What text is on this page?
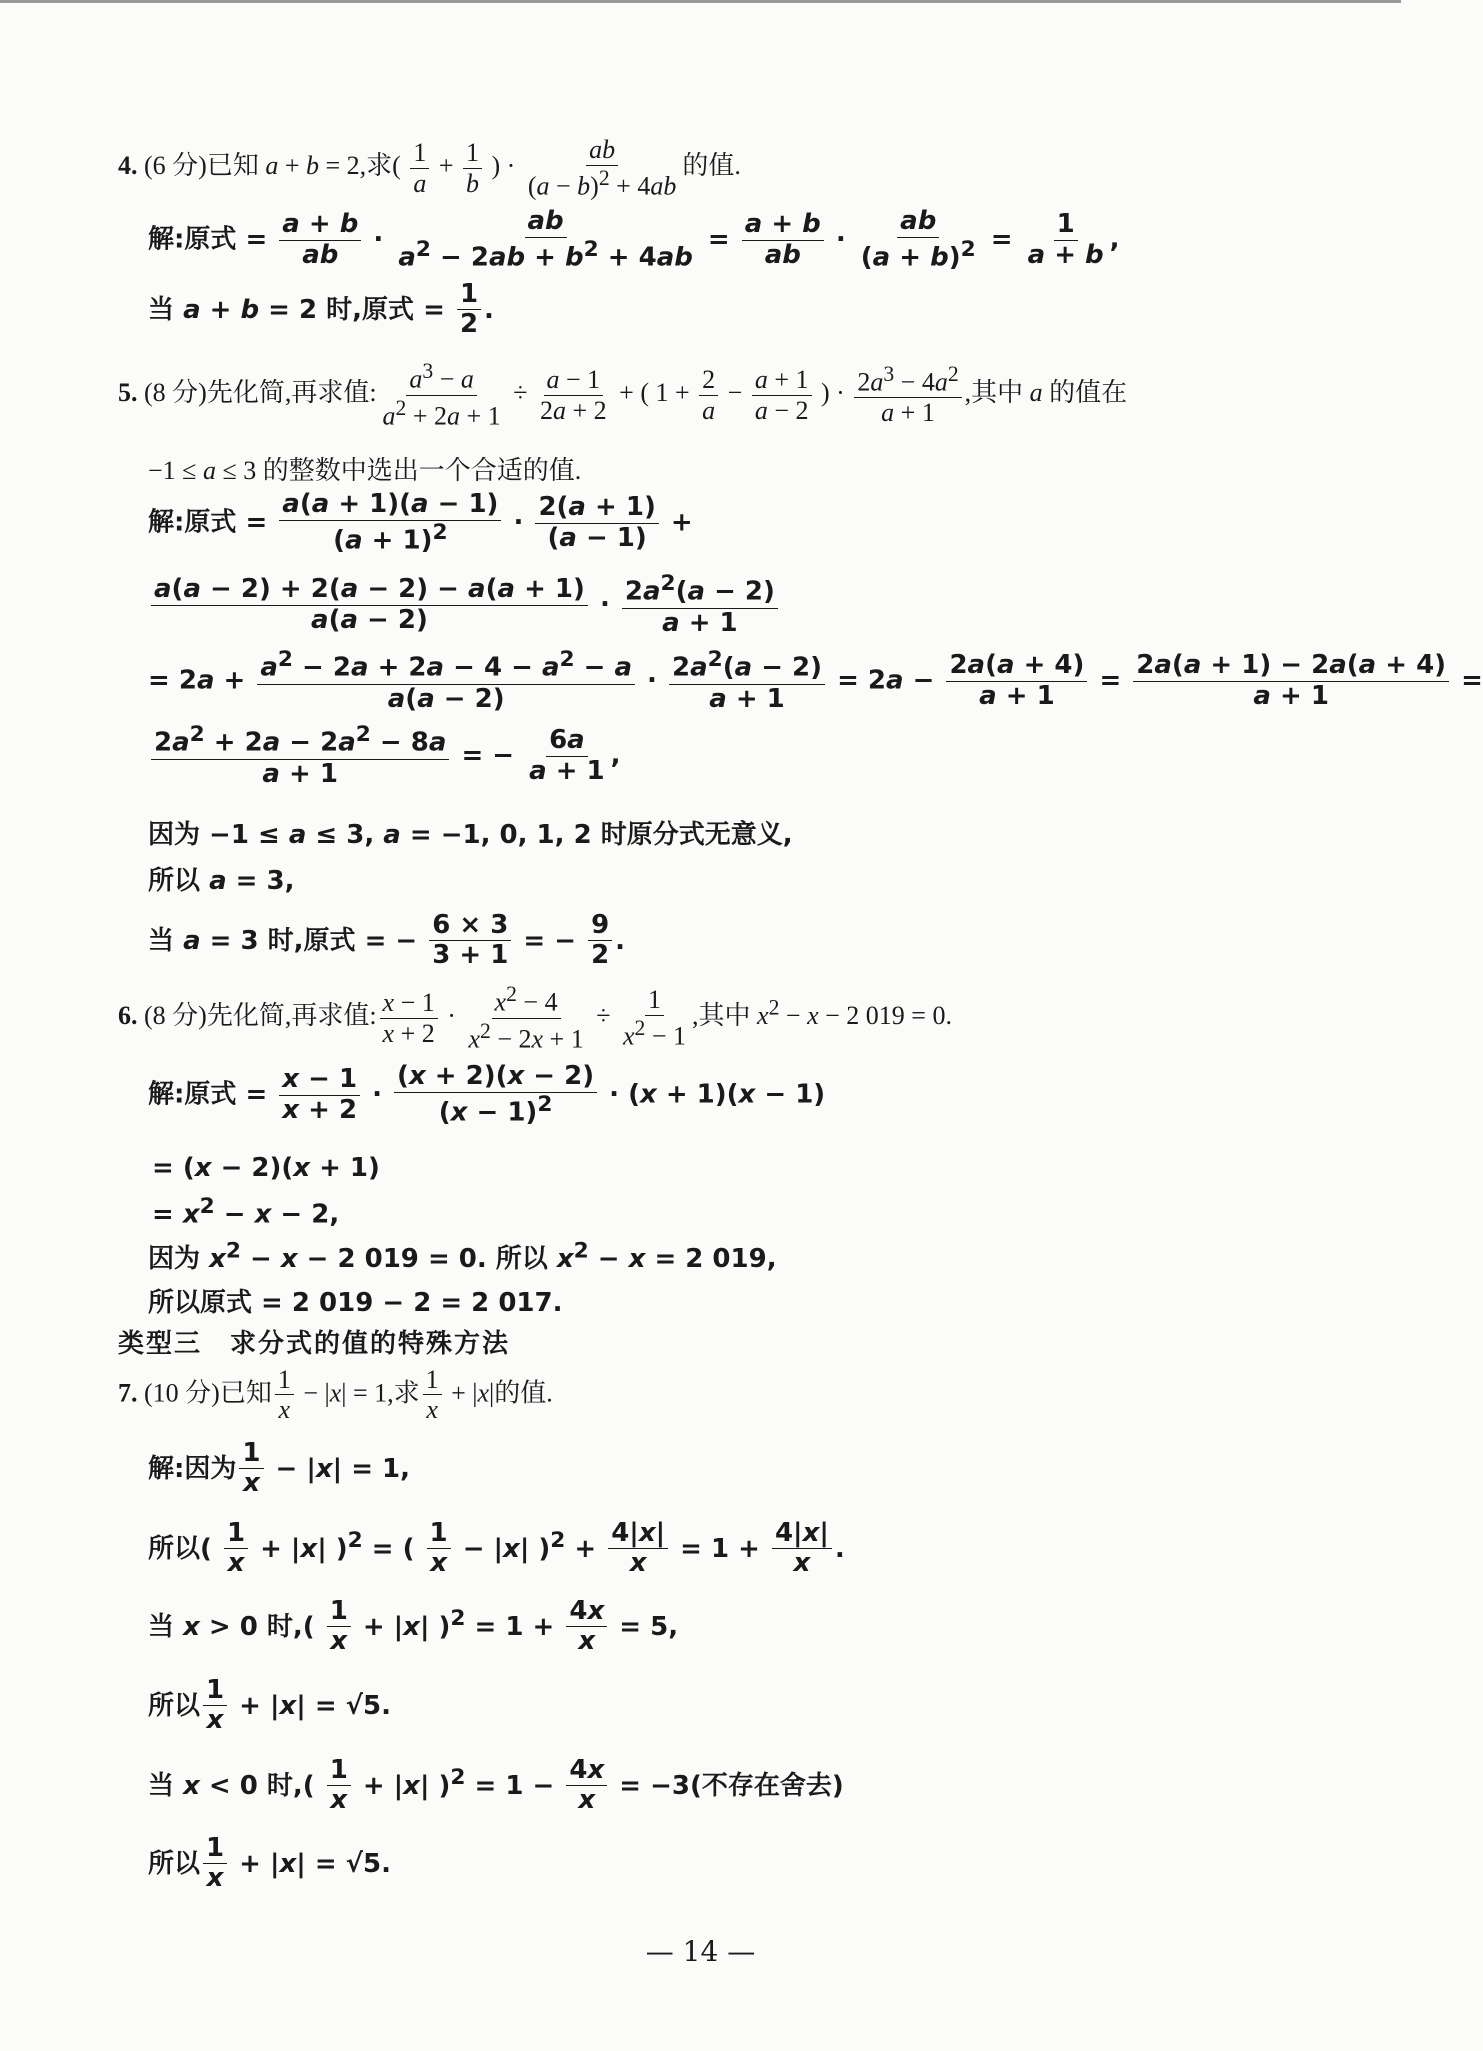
4. (6 分)已知 a + b = 2,求( $\frac{1}{a} + \frac{1}{b}$ ) · $\frac{ab}{(a - b)^2 + 4ab}$ 的值.
解:原式 = $\frac{a + b}{ab} \cdot \frac{ab}{a^2 - 2ab + b^2 + 4ab} = \frac{a + b}{ab} \cdot \frac{ab}{(a + b)^2} = \frac{1}{a + b}$ ,
当 a + b = 2 时,原式 = $\frac{1}{2}$ .
5. (8 分)先化简,再求值: $\frac{a^3 - a}{a^2 + 2a + 1} \div \frac{a - 1}{2a + 2}$ + ( $1 + \frac{2}{a} - \frac{a + 1}{a - 2}$ ) · $\frac{2a^3 - 4a^2}{a + 1}$ ,其中 a 的值在
−1 ≤ a ≤ 3 的整数中选出一个合适的值.
解:原式 = $\frac{a(a + 1)(a - 1)}{(a + 1)^2} \cdot \frac{2(a + 1)}{(a - 1)}$ +
$\frac{a(a - 2) + 2(a - 2) - a(a + 1)}{a(a - 2)} \cdot \frac{2a^2(a - 2)}{a + 1}$
= $2a + \frac{a^2 - 2a + 2a - 4 - a^2 - a}{a(a - 2)} \cdot \frac{2a^2(a - 2)}{a + 1} = 2a - \frac{2a(a + 4)}{a + 1} = \frac{2a(a + 1) - 2a(a + 4)}{a + 1}$ =
$\frac{2a^2 + 2a - 2a^2 - 8a}{a + 1}$ = − $\frac{6a}{a + 1}$ ,
因为 −1 ≤ a ≤ 3, a = −1, 0, 1, 2 时原分式无意义,
所以 a = 3,
当 a = 3 时,原式 = − $\frac{6 \times 3}{3 + 1}$ = − $\frac{9}{2}$ .
6. (8 分)先化简,再求值: $\frac{x - 1}{x + 2} \cdot \frac{x^2 - 4}{x^2 - 2x + 1} \div \frac{1}{x^2 - 1}$ ,其中 $x^2 - x - 2$ 019 = 0.
解:原式 = $\frac{x - 1}{x + 2} \cdot \frac{(x + 2)(x - 2)}{(x - 1)^2} \cdot (x + 1)(x - 1)$
= (x − 2)(x + 1)
= $x^2 - x - 2$,
因为 $x^2 - x - 2$ 019 = 0. 所以 $x^2 - x = 2$ 019,
所以原式 = 2 019 − 2 = 2 017.
类型三　求分式的值的特殊方法
7. (10 分)已知 $\frac{1}{x} - |x| = 1$,求 $\frac{1}{x} + |x|$的值.
解:因为 $\frac{1}{x} - |x| = 1$,
所以( $\frac{1}{x} + |x|$ )$^2$ = ( $\frac{1}{x} - |x|$ )$^2 + \frac{4|x|}{x} = 1 + \frac{4|x|}{x}$ .
当 x > 0 时,( $\frac{1}{x} + |x|$ )$^2 = 1 + \frac{4x}{x} = 5$,
所以 $\frac{1}{x} + |x| = √5$.
当 x < 0 时,( $\frac{1}{x} + |x|$ )$^2 = 1 - \frac{4x}{x} = -3$(不存在舍去)
所以 $\frac{1}{x} + |x| = √5$.
— 14 —
